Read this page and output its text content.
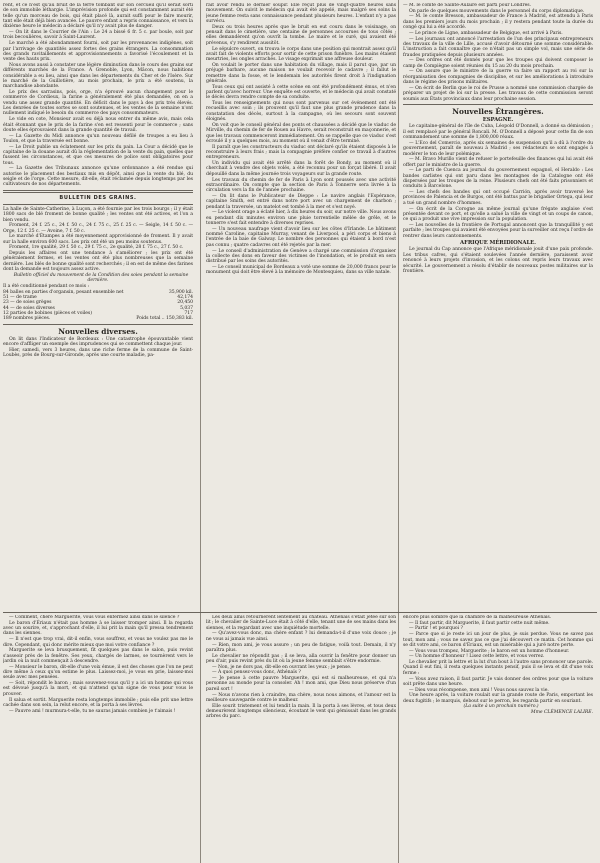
rent, et ce n'est qu'au bruit de la terre tombant sur son cercueil qu'il serait sorti de son immobile léthargie. L'imprévision profonde qui est constamment aurait été telle qu'un morceau de bois, qui était placé là, aurait suffi pour le faire mourir, tant elle était déjà bien avancée. Le pauvre enfant a repris connaissance, et vers la dixième heure le médecin a déclaré qu'il n'y avait plus de danger.

— On lit dans le Courrier de l'Ain : Le 24 a bissé 6 fr. 5 c. par boule, soit par trois becoulières, savoir à Saint-Laurent.

Le marché a été abondamment fourni, soit par les provenances indigènes, soit par l'arrivage de quantités assez fortes des grains étrangers. La consommation des grands ravitaillements et approvisionnements a favorisé l'écoulement et la vente des hauts prix.

Nous avons aussi à constater une légère diminution dans le cours des grains sur différents marchés de la France. À Grenoble, Lyon, Mâcon, nous habitions considérable a eu lieu, ainsi que dans les départements du Cher et de l'Isère. Sur le marché de la Guillotière, au mois prochain, le prix a été soutenu, la marchandise abondante.

Le prix des sarrasins, pois, orge, n'a éprouvé aucun changement pour le commerce de Cordieux, la farine a généralement été plus demandée, on en a vendu une assez grande quantité. En déficit dans le pays à des prix très élevés. Les denrées de toutes sortes se sont soutenues, et les ventes de la semaine n'ont nullement indiqué le besoin du commerce des pays consommateurs.

Le vide en cote, Monsieur avait eu déjà nous entrer du même avis, mais cela était étonnant que le prix de la farine s'en est ressenti pour le commerce ; sans doute elles éprouvaient dans la grande quantité de travail.

— La Gazette du Midi annonce qu'un nouveau défilé de troupes a eu lieu à Toulon, et que la traversée est bonne.

— Le Droit publie un éclatement sur les prix du pain. La Cour a décidé que le capitaine de la douane aurait dû la réglementation de la vente du pain, quelles que fussent les circonstances, et que ces mesures de police sont obligatoires pour tous.

— La Gazette des Tribunaux annonce qu'une ordonnance a été rendue qui autorise le placement des bestiaux mis en dépôt, ainsi que la vente du blé, du seigle et de l'orge. Cette mesure, dit-elle, était réclamée depuis longtemps par les cultivateurs de nos départements.

BULLETIN DES GRAINS.

La halle de Sainte-Catherine, à Luçon, a été fournie par les trois bourgs ; il y était 1800 sacs de blé froment de bonne qualité ; les ventes ont été actives, et l'on a bien vendu.

Froment, 24 f. 25 c., 24 f. 50 c., 24 f. 75 c., 25 f. 25 c. — Seigle, 14 f. 50 c. — Orge, 12 f. 25 c. — Avoine, 7 f. 50 c.

Le marché d'Étampes a été moyennement approvisionné de froment. Il y avait sur la halle environ 600 sacs. Les prix ont été un peu moins soutenus.

Froment, 1re qualité, 29 f. 50 c., 29 f. 75 c., 2e qualité, 28 f. 75 c., 27 f. 50 c.

Depuis les affaires ont une tendance à s'améliorer ; les prix ont été généralement fermes, et les ventes ont été plus nombreuses que la semaine dernière. Les blés de bonne qualité sont recherchés ; il en est de même des farines dont la demande est toujours assez active.

Bulletin officiel du mouvement de la Condition des soies pendant la semaine dernière.

Il a été conditionné pendant ce mois :

84 balles en parties d'organsin, pesant ensemble net	35,900 kil.
51 — de trame	42,174
23 — de soies grèges	20,450
44 — de soies diverses	5,037
12 parties de bobines (pièces et voiles)	717
189 nombres pièces.	Poids total .. 150,383 kil.
Nouvelles diverses.

On lit dans l'Indicateur de Bordeaux : Une catastrophe épouvantable vient encore d'affliger un exemple des imprudences qui se commettent chaque jour.

Hier, samedi, vers 3 heures, dans une riche ferme de la commune de Saint-Loubès, près de Bourg-sur-Gironde, après une courte maladie, pa-

rait avoir rendu le dernier soupir. Elle reçut plus de vingt-quatre heures sans mouvement. On suivit le médecin qui avait été appelé, mais malgré ses soins la jeune femme resta sans connaissance pendant plusieurs heures. L'enfant n'y a pas survécu.

Deux ou trois heures après que le bruit en eut couru dans le voisinage, on pensait dans le cimetière, une centaine de personnes accourues de tous côtés ; elles demandèrent qu'on ouvrît la tombe. Le maire et le curé, qui avaient été prévenus, s'y rendirent aussitôt.

Le sépulcre ouvert, on trouva le corps dans une position qui montrait assez qu'il avait fait de violents efforts pour sortir de cette prison funèbre. Les mains étaient meurtries, les ongles arrachés. Le visage exprimait une affreuse douleur.

On voulait le porter dans une habitation du village, mais il parut que, par un préjugé barbare, aucune maison ne voulait recevoir le cadavre ; il fallut le remettre dans la fosse, et le lendemain les autorités firent droit à l'indignation générale.

Tous ceux qui ont assisté à cette scène en ont été profondément émus, et n'en parlent qu'avec horreur. Une enquête est ouverte, et le médecin qui avait constaté le décès devra rendre compte de sa conduite.

Tous les renseignements qui nous sont parvenus sur cet événement ont été recueillis avec soin ; ils prouvent qu'il faut une plus grande prudence dans la constatation des décès, surtout à la campagne, où les secours sont souvent éloignés.

On voit que le conseil général des ponts et chaussées a décidé que le viaduc de Mirville, du chemin de fer de Rouen au Havre, serait reconstruit en maçonnerie, et que les travaux commenceront immédiatement. On se rappelle que ce viaduc s'est écroulé il y a quelques mois, au moment où il venait d'être terminé.

Il paraît que les constructeurs du viaduc ont déclaré qu'ils étaient disposés à le reconstruire à leurs frais ; mais la compagnie préfère confier ce travail à d'autres entrepreneurs.

Un individu qui avait été arrêté dans la forêt de Bondy, au moment où il cherchait à vendre des objets volés, a été reconnu pour un forçat libéré. Il avait dépouillé dans la même journée trois voyageurs sur la grande route.

Les travaux du chemin de fer de Paris à Lyon sont poussés avec une activité extraordinaire. On compte que la section de Paris à Tonnerre sera livrée à la circulation vers la fin de l'année prochaine.

— On lit dans le Publicateur de Dieppe : Le navire anglais l'Espérance, capitaine Smith, est entré dans notre port avec un chargement de charbon ; pendant la traversée, un matelot est tombé à la mer et s'est noyé.

— Le violent orage a éclaté hier, à dix heures du soir, sur notre ville. Nous avons eu pendant dix minutes environ une pluie torrentielle mêlée de grêle, et le tonnerre s'est fait entendre à diverses reprises.

— Un nouveau naufrage vient d'avoir lieu sur les côtes d'Irlande. Le bâtiment nommé Caroline, capitaine Murray, venant de Liverpool, a péri corps et biens à l'entrée de la baie de Galway. Le nombre des personnes qui étaient à bord n'est pas connu ; quatre cadavres ont été rejetés par la mer.

— Le conseil d'administration de Genève a chargé une commission d'organiser la collecte des dons en faveur des victimes de l'inondation, et le produit en sera distribué par les soins des autorités.

— Le conseil municipal de Bordeaux a voté une somme de 20,000 francs pour le monument qui doit être élevé à la mémoire de Montesquieu, dans sa ville natale.

— M. le comte de Sainte-Aulaire est parti pour Londres.

On parle de quelques mouvements dans le personnel du corps diplomatique.

— M. le comte Bresson, ambassadeur de France à Madrid, est attendu à Paris dans les premiers jours du mois prochain ; il y restera pendant toute la durée du congé qui lui a été accordé.

— Le prince de Ligne, ambassadeur de Belgique, est arrivé à Paris.

— Les journaux ont annoncé l'arrestation de l'un des principaux entrepreneurs des travaux de la ville de Lille, accusé d'avoir détourné une somme considérable. L'instruction a fait connaître que ce n'était pas un simple vol, mais une série de fraudes pratiquées depuis plusieurs années.

— Des ordres ont été donnés pour que les troupes qui doivent composer le camp de Compiègne soient réunies du 15 au 20 du mois prochain.

— On assure que le ministre de la guerre va faire un rapport au roi sur la réorganisation des compagnies de discipline, et sur les améliorations à introduire dans le régime des prisons militaires.

— On écrit de Berlin que le roi de Prusse a nommé une commission chargée de préparer un projet de loi sur la presse. Les travaux de cette commission seront soumis aux États provinciaux dans leur prochaine session.

Nouvelles Étrangères.
ESPAGNE.

Le capitaine-général de l'île de Cuba, Léopold O'Donnell, a donné sa démission ; il est remplacé par le général Roncali. M. O'Donnell a déposé pour cette fin de son commandement une somme de 1,800,000 réaux.

— L'Eco del Comercio, après six semaines de suspension qu'il a dû à l'ordre du gouvernement, paraît de nouveau à Madrid ; ses rédacteurs se sont engagés à modérer le ton de leur polémique.

— M. Bravo Murillo vient de refuser le portefeuille des finances qui lui avait été offert par le ministre de la guerre.

— Le parti de Cuenca au journal du gouvernement espagnol, el Heraldo : Les bandes carlistes qui ont paru dans les montagnes de la Catalogne ont été dispersées par les troupes de la reine. Plusieurs chefs ont été faits prisonniers et conduits à Barcelone.

— Les chefs des bandes qui ont occupé Carrión, après avoir traversé les provinces de Palencia et de Burgos, ont été battus par le brigadier Ortega, qui leur a tué un grand nombre d'hommes.

— On écrit de la Corogne au même journal qu'une frégate anglaise s'est présentée devant ce port, et qu'elle a salué la ville de vingt et un coups de canon, ce qui a produit une vive impression sur la population.

— Les nouvelles de la frontière de Portugal annoncent que la tranquillité y est parfaite ; les troupes qui avaient été envoyées pour la surveiller ont reçu l'ordre de rentrer dans leurs cantonnements.

AFRIQUE MÉRIDIONALE.

Le journal du Cap annonce que l'Afrique méridionale jouit d'une paix profonde. Les tribus cafres, qui s'étaient soulevées l'année dernière, paraissent avoir renoncé à leurs projets d'invasion, et les colons ont repris leurs travaux avec sécurité. Le gouvernement a résolu d'établir de nouveaux postes militaires sur la frontière.

— Comment, chère Marguerite, vous vous enfermez ainsi dans le silence ?

Le baron d'Ériaux n'était pas homme à se laisser tromper ainsi. Il la regarda avec un sourire, et, s'approchant d'elle, il lui prit la main qu'il pressa tendrement dans les siennes.

— Il n'est que trop vrai, dit-il enfin, vous souffrez, et vous ne voulez pas me le dire. Cependant, qui donc mérite mieux que moi votre confiance ?

Marguerite se leva brusquement, fit quelques pas dans le salon, puis revint s'asseoir près de la fenêtre. Ses yeux, chargés de larmes, se tournèrent vers le jardin où la nuit commençait à descendre.

— Monsieur le baron, dit-elle d'une voix émue, il est des choses que l'on ne peut dire même à ceux qu'on estime le plus. Laissez-moi, je vous en prie, laissez-moi seule avec mes pensées.

— Soit, répondit le baron ; mais souvenez-vous qu'il y a ici un homme qui vous est dévoué jusqu'à la mort, et qui n'attend qu'un signe de vous pour vous le prouver.

Il salua et sortit. Marguerite resta longtemps immobile ; puis elle prit une lettre cachée dans son sein, la relut encore, et la porta à ses lèvres.

— Pauvre ami ! murmura-t-elle, tu ne sauras jamais combien je t'aimais !

Les deux amis retournèrent lentement au château. Athénaïs s'était jetée sur son lit ; le chevalier de Sainte-Luce était à côté d'elle, tenant une de ses mains dans les siennes, et la regardant avec une inquiétude mortelle.

— Qu'avez-vous donc, ma chère enfant ? lui demanda-t-il d'une voix douce ; je ne vous ai jamais vue ainsi.

— Rien, mon ami, je vous assure ; un peu de fatigue, voilà tout. Demain, il n'y paraîtra plus.

Le chevalier ne répondit pas ; il se leva, alla ouvrir la fenêtre pour donner un peu d'air, puis revint près du lit où la jeune femme semblait s'être endormie.

— Non, je ne dors pas, dit-elle en ouvrant les yeux ; je pense.

— À quoi pensez-vous donc, Athénaïs ?

— Je pense à cette pauvre Marguerite, qui est si malheureuse, et qui n'a personne au monde pour la consoler. Ah ! mon ami, que Dieu nous préserve d'un pareil sort !

— Nous n'avons rien à craindre, ma chère, nous nous aimons, et l'amour est la meilleure sauvegarde contre le malheur.

Elle sourit tristement et lui tendit la main. Il la porta à ses lèvres, et tous deux demeurèrent longtemps silencieux, écoutant le vent qui gémissait dans les grands arbres du parc.

encore plus sombre que la chambre de la malheureuse Athénaïs.

— Il faut partir, dit Marguerite, il faut partir cette nuit même.

— Partir ! et pourquoi ?

— Parce que si je reste ici un jour de plus, je suis perdue. Vous ne savez pas tout, mon ami ; vous ne savez pas ce que j'ai découvert ce matin. Cet homme qui se dit votre ami, ce baron d'Ériaux, est un misérable qui a juré notre perte.

— Vous vous trompez, Marguerite ; le baron est un homme d'honneur.

— Un homme d'honneur ! Lisez cette lettre, et vous verrez.

Le chevalier prit la lettre et la lut d'un bout à l'autre sans prononcer une parole. Quand il eut fini, il resta quelques instants pensif, puis il se leva et dit d'une voix ferme :

— Vous avez raison, il faut partir. Je vais donner des ordres pour que la voiture soit prête dans une heure.

— Dieu vous récompense, mon ami ! Vous nous sauvez la vie.

Une heure après, la voiture roulait sur la grande route de Paris, emportant les deux fugitifs ; le marquis, debout sur le perron, les regarda partir en souriant.

(La suite à un prochain numéro.)

Mme CLÉMENCE LALIRE.
